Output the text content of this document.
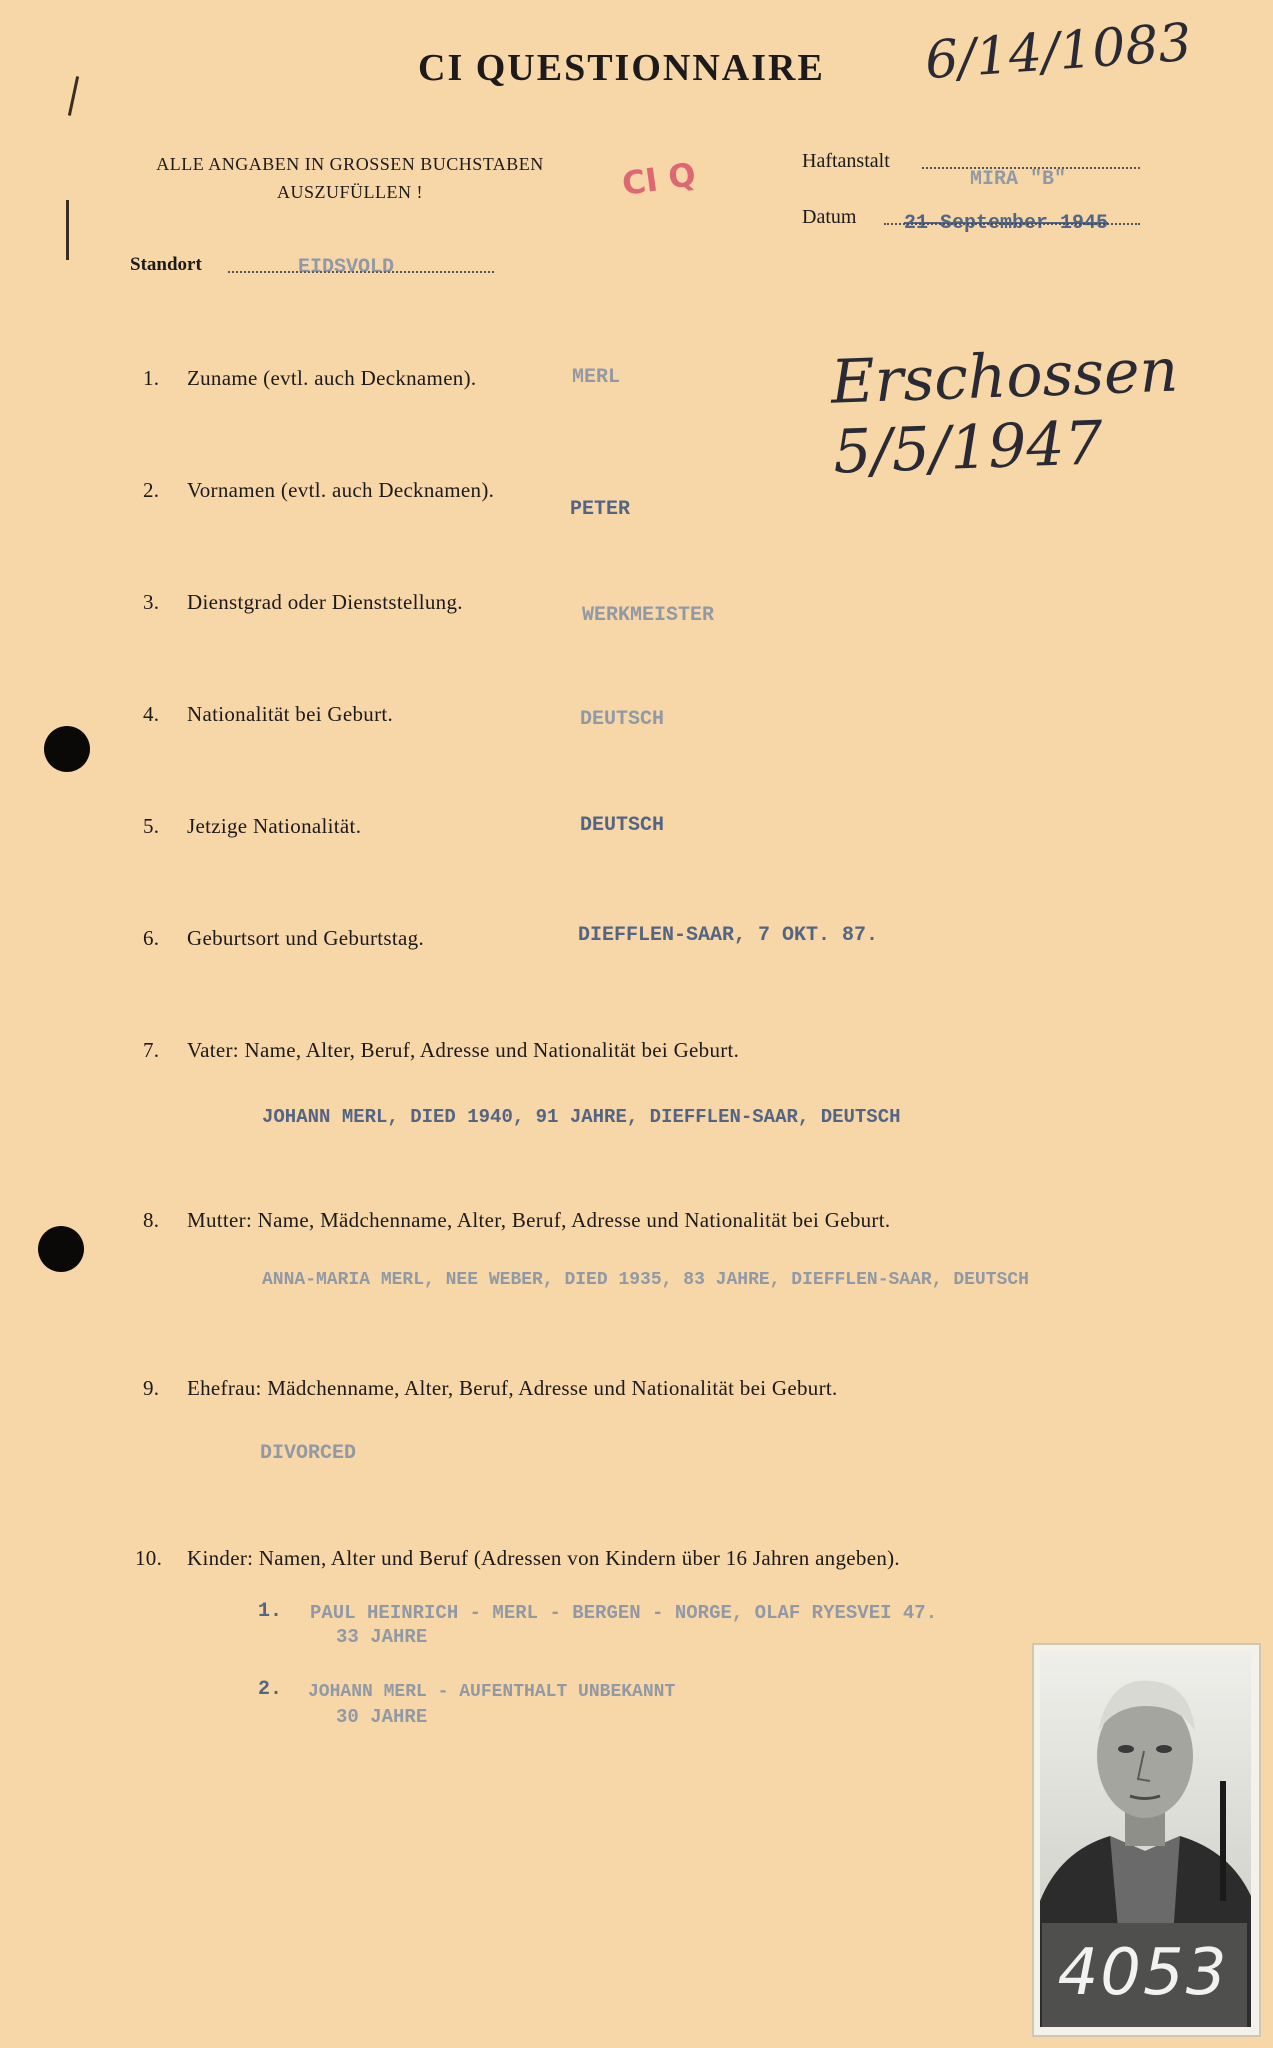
CI QUESTIONNAIRE 6/14/1083
ALLE ANGABEN IN GROSSEN BUCHSTABEN
AUSZUFÜLLEN !	CI Q	Haftanstalt
MIRA "B"
Datum 21 September 1945
Standort	EIDSVOLD
Erschossen 5/5/1947
1. Zuname (evtl. auch Decknamen).	MERL
2. Vornamen (evtl. auch Decknamen).
PETER
3. Dienstgrad oder Dienststellung.
WERKMEISTER
4. Nationalität bei Geburt.	DEUTSCH
5. Jetzige Nationalität.	DEUTSCH
6. Geburtsort und Geburtstag.	DIEFFLEN-SAAR, 7 OKT. 87.
7. Vater: Name, Alter, Beruf, Adresse und Nationalität bei Geburt.
JOHANN MERL, DIED 1940, 91 JAHRE, DIEFFLEN-SAAR, DEUTSCH
8. Mutter: Name, Mädchenname, Alter, Beruf, Adresse und Nationalität bei Geburt.
ANNA-MARIA MERL, NEE WEBER, DIED 1935, 83 JAHRE, DIEFFLEN-SAAR, DEUTSCH
9. Ehefrau: Mädchenname, Alter, Beruf, Adresse und Nationalität bei Geburt.
DIVORCED
10. Kinder: Namen, Alter und Beruf (Adressen von Kindern über 16 Jahren angeben).
1. PAUL HEINRICH - MERL - BERGEN - NORGE, OLAF RYESVEI 47.
33 JAHRE
2. JOHANN MERL - AUFENTHALT UNBEKANNT
30 JAHRE
4053
